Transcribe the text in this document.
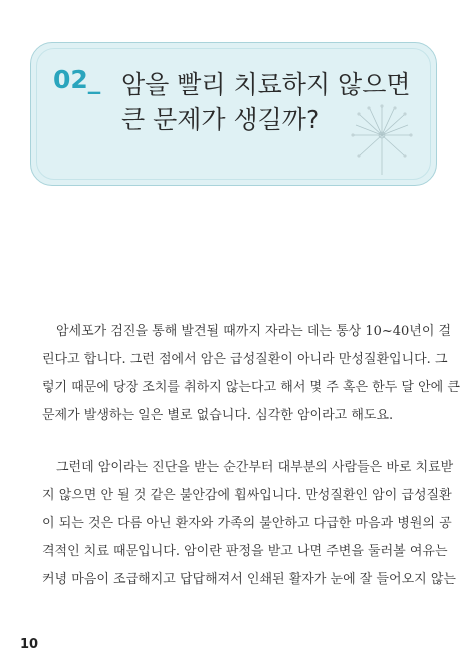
02_ 암을 빨리 치료하지 않으면
큰 문제가 생길까?

암세포가 검진을 통해 발견될 때까지 자라는 데는 통상 10~40년이 걸
린다고 합니다. 그런 점에서 암은 급성질환이 아니라 만성질환입니다. 그
렇기 때문에 당장 조치를 취하지 않는다고 해서 몇 주 혹은 한두 달 안에 큰
문제가 발생하는 일은 별로 없습니다. 심각한 암이라고 해도요.

그런데 암이라는 진단을 받는 순간부터 대부분의 사람들은 바로 치료받
지 않으면 안 될 것 같은 불안감에 휩싸입니다. 만성질환인 암이 급성질환
이 되는 것은 다름 아닌 환자와 가족의 불안하고 다급한 마음과 병원의 공
격적인 치료 때문입니다. 암이란 판정을 받고 나면 주변을 둘러볼 여유는
커녕 마음이 조급해지고 답답해져서 인쇄된 활자가 눈에 잘 들어오지 않는

10
